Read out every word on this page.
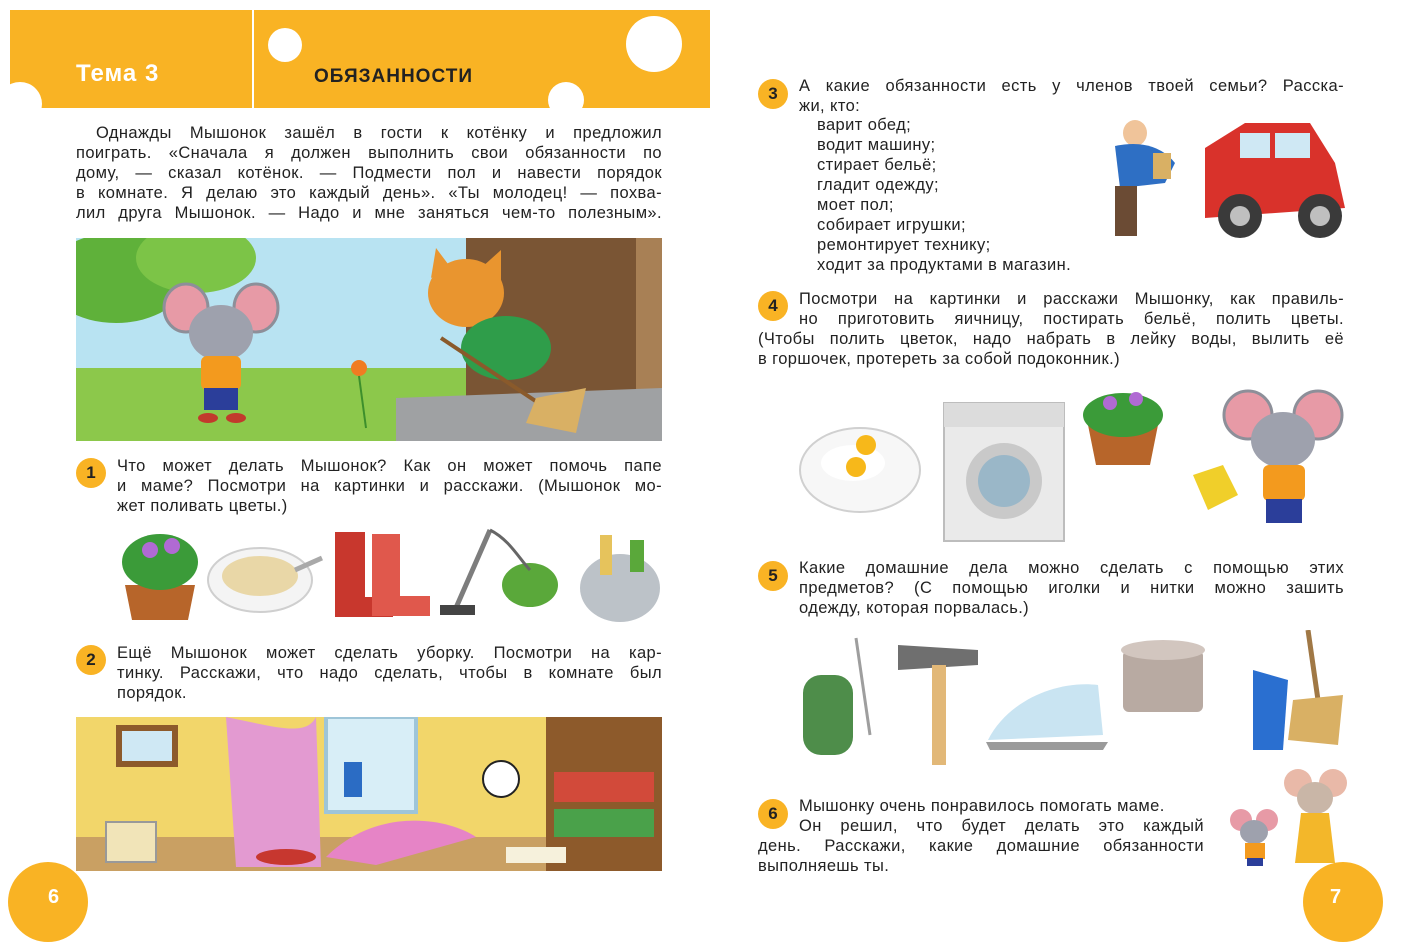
Тема 3	ОБЯЗАННОСТИ
Однажды Мышонок зашёл в гости к котёнку и предложил
поиграть. «Сначала я должен выполнить свои обязанности по
дому, — сказал котёнок. — Подмести пол и навести порядок
в комнате. Я делаю это каждый день». «Ты молодец! — похва-
лил друга Мышонок. — Надо и мне заняться чем-то полезным».
1	Что может делать Мышонок? Как он может помочь папе
и маме? Посмотри на картинки и расскажи. (Мышонок мо-
жет поливать цветы.)
2	Ещё Мышонок может сделать уборку. Посмотри на кар-
тинку. Расскажи, что надо сделать, чтобы в комнате был
порядок.
6
3	А какие обязанности есть у членов твоей семьи? Расска-
жи, кто:
варит обед;
водит машину;
стирает бельё;
гладит одежду;
моет пол;
собирает игрушки;
ремонтирует технику;
ходит за продуктами в магазин.
4	Посмотри на картинки и расскажи Мышонку, как правиль-
но приготовить яичницу, постирать бельё, полить цветы.
(Чтобы полить цветок, надо набрать в лейку воды, вылить её
в горшочек, протереть за собой подоконник.)
5	Какие домашние дела можно сделать с помощью этих
предметов? (С помощью иголки и нитки можно зашить
одежду, которая порвалась.)
6	Мышонку очень понравилось помогать маме.
Он решил, что будет делать это каждый
день. Расскажи, какие домашние обязанности
выполняешь ты.
7
